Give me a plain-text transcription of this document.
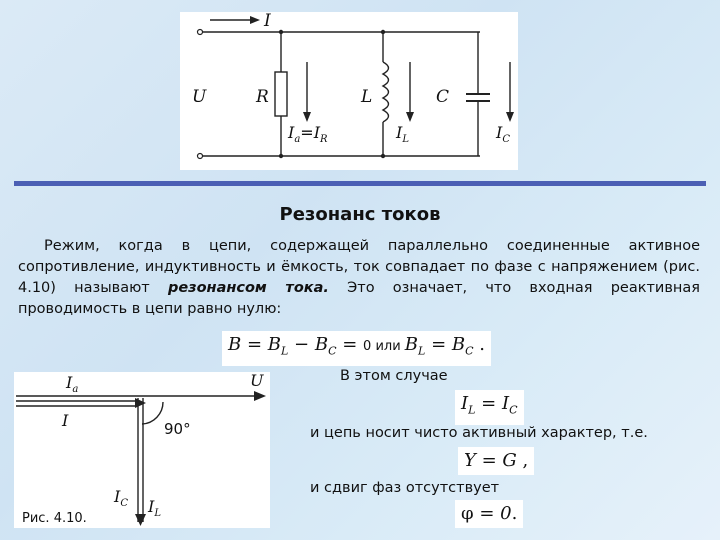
I
U	R	L	C
$I_a=I_R$	$I_L$	$I_C$
Резонанс токов

Режим, когда в цепи, содержащей параллельно соединенные активное сопротивление, индуктивность и ёмкость, ток совпадает по фазе с напряжением (рис. 4.10) называют резонансом тока. Это означает, что входная реактивная проводимость в цепи равно нулю:

$B = B_L - B_C = 0$ или $B_L = B_C$ .
В этом случае
$I_L = I_C$
и цепь носит чисто активный характер, т.е.
Y = G ,
и сдвиг фаз отсутствует
φ = 0.
$I_a$
I
U
90°
$I_C$ $I_L$
Рис. 4.10.
